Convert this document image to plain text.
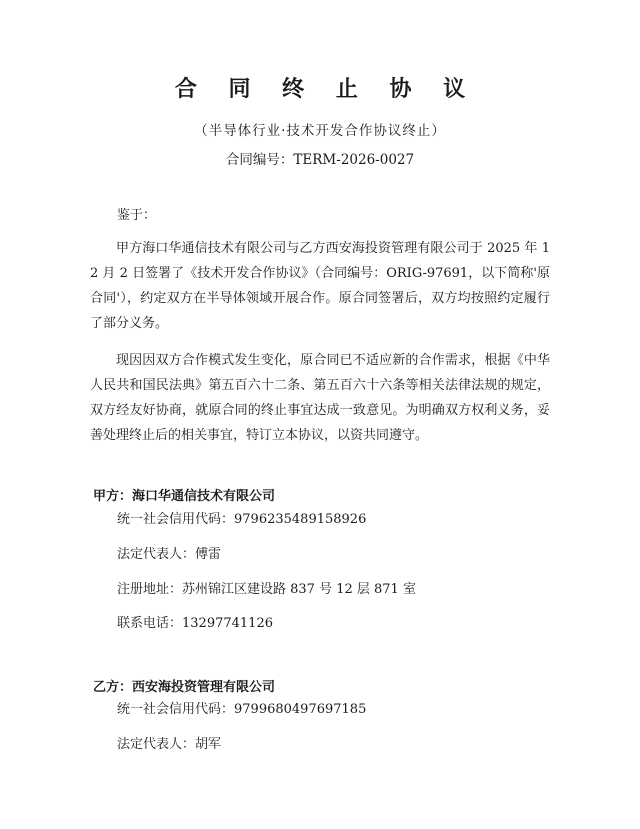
合 同 终 止 协 议
（半导体行业·技术开发合作协议终止）
合同编号：TERM-2026-0027
鉴于：
甲方海口华通信技术有限公司与乙方西安海投资管理有限公司于 2025 年 12 月 2 日签署了《技术开发合作协议》（合同编号：ORIG-97691，以下简称'原合同'），约定双方在半导体领域开展合作。原合同签署后，双方均按照约定履行了部分义务。
现因因双方合作模式发生变化，原合同已不适应新的合作需求，根据《中华人民共和国民法典》第五百六十二条、第五百六十六条等相关法律法规的规定，双方经友好协商，就原合同的终止事宜达成一致意见。为明确双方权利义务，妥善处理终止后的相关事宜，特订立本协议，以资共同遵守。
甲方：海口华通信技术有限公司
统一社会信用代码：9796235489158926
法定代表人：傅雷
注册地址：苏州锦江区建设路 837 号 12 层 871 室
联系电话：13297741126
乙方：西安海投资管理有限公司
统一社会信用代码：9799680497697185
法定代表人：胡军
